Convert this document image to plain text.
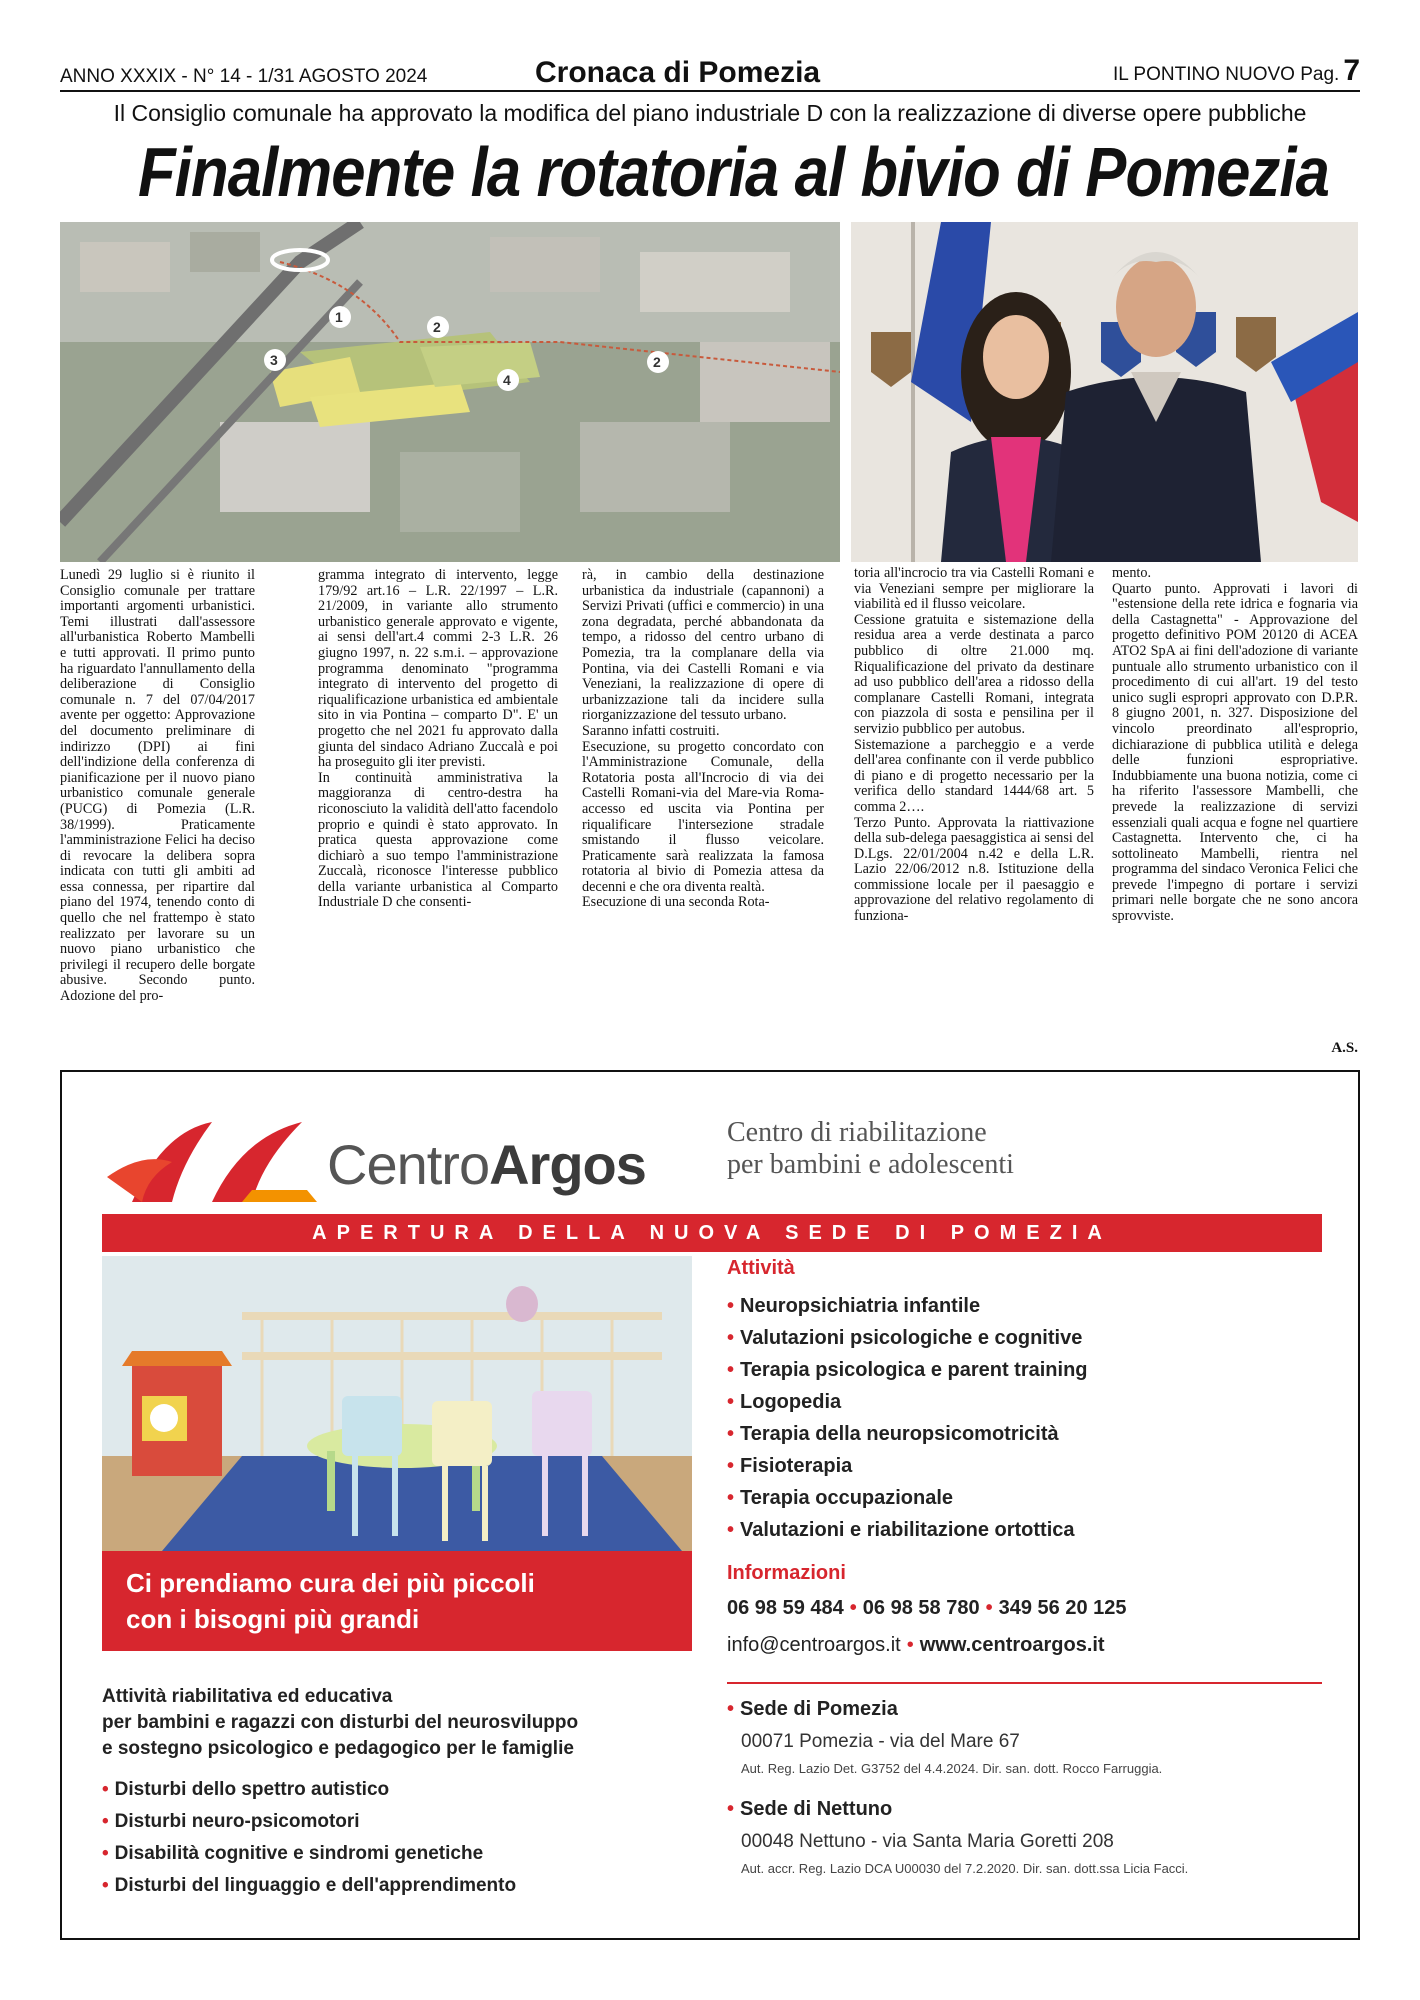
ANNO XXXIX - N° 14 - 1/31 AGOSTO 2024	Cronaca di Pomezia	IL PONTINO NUOVO Pag. 7
Il Consiglio comunale ha approvato la modifica del piano industriale D con la realizzazione di diverse opere pubbliche
Finalmente la rotatoria al bivio di Pomezia
1
2
3
4
2

Lunedì 29 luglio si è riunito il Consiglio comunale per trattare importanti argomenti urbanistici. Temi illustrati dall'assessore all'urbanistica Roberto Mambelli e tutti approvati. Il primo punto ha riguardato l'annullamento della deliberazione di Consiglio comunale n. 7 del 07/04/2017 avente per oggetto: Approvazione del documento preliminare di indirizzo (DPI) ai fini dell'indizione della conferenza di pianificazione per il nuovo piano urbanistico comunale generale (PUCG) di Pomezia (L.R. 38/1999). Praticamente l'amministrazione Felici ha deciso di revocare la delibera sopra indicata con tutti gli ambiti ad essa connessa, per ripartire dal piano del 1974, tenendo conto di quello che nel frattempo è stato realizzato per lavorare su un nuovo piano urbanistico che privilegi il recupero delle borgate abusive. Secondo punto. Adozione del pro-

gramma integrato di intervento, legge 179/92 art.16 – L.R. 22/1997 – L.R. 21/2009, in variante allo strumento urbanistico generale approvato e vigente, ai sensi dell'art.4 commi 2-3 L.R. 26 giugno 1997, n. 22 s.m.i. – approvazione programma denominato "programma integrato di intervento del progetto di riqualificazione urbanistica ed ambientale sito in via Pontina – comparto D". E' un progetto che nel 2021 fu approvato dalla giunta del sindaco Adriano Zuccalà e poi ha proseguito gli iter previsti.

In continuità amministrativa la maggioranza di centro-destra ha riconosciuto la validità dell'atto facendolo proprio e quindi è stato approvato. In pratica questa approvazione come dichiarò a suo tempo l'amministrazione Zuccalà, riconosce l'interesse pubblico della variante urbanistica al Comparto Industriale D che consenti-

rà, in cambio della destinazione urbanistica da industriale (capannoni) a Servizi Privati (uffici e commercio) in una zona degradata, perché abbandonata da tempo, a ridosso del centro urbano di Pomezia, tra la complanare della via Pontina, via dei Castelli Romani e via Veneziani, la realizzazione di opere di urbanizzazione tali da incidere sulla riorganizzazione del tessuto urbano.

Saranno infatti costruiti.

Esecuzione, su progetto concordato con l'Amministrazione Comunale, della Rotatoria posta all'Incrocio di via dei Castelli Romani-via del Mare-via Roma-accesso ed uscita via Pontina per riqualificare l'intersezione stradale smistando il flusso veicolare. Praticamente sarà realizzata la famosa rotatoria al bivio di Pomezia attesa da decenni e che ora diventa realtà.

Esecuzione di una seconda Rota-

toria all'incrocio tra via Castelli Romani e via Veneziani sempre per migliorare la viabilità ed il flusso veicolare.

Cessione gratuita e sistemazione della residua area a verde destinata a parco pubblico di oltre 21.000 mq. Riqualificazione del privato da destinare ad uso pubblico dell'area a ridosso della complanare Castelli Romani, integrata con piazzola di sosta e pensilina per il servizio pubblico per autobus.

Sistemazione a parcheggio e a verde dell'area confinante con il verde pubblico di piano e di progetto necessario per la verifica dello standard 1444/68 art. 5 comma 2….

Terzo Punto. Approvata la riattivazione della sub-delega paesaggistica ai sensi del D.Lgs. 22/01/2004 n.42 e della L.R. Lazio 22/06/2012 n.8. Istituzione della commissione locale per il paesaggio e approvazione del relativo regolamento di funziona-

mento.

Quarto punto. Approvati i lavori di "estensione della rete idrica e fognaria via della Castagnetta" - Approvazione del progetto definitivo POM 20120 di ACEA ATO2 SpA ai fini dell'adozione di variante puntuale allo strumento urbanistico con il procedimento di cui all'art. 19 del testo unico sugli espropri approvato con D.P.R. 8 giugno 2001, n. 327. Disposizione del vincolo preordinato all'esproprio, dichiarazione di pubblica utilità e delega delle funzioni espropriative. Indubbiamente una buona notizia, come ci ha riferito l'assessore Mambelli, che prevede la realizzazione di servizi essenziali quali acqua e fogne nel quartiere Castagnetta. Intervento che, ci ha sottolineato Mambelli, rientra nel programma del sindaco Veronica Felici che prevede l'impegno di portare i servizi primari nelle borgate che ne sono ancora sprovviste.

A.S.
CentroArgos
Centro di riabilitazione
per bambini e adolescenti
APERTURA DELLA NUOVA SEDE DI POMEZIA
Ci prendiamo cura dei più piccoli
con i bisogni più grandi
Attività
• Neuropsichiatria infantile
• Valutazioni psicologiche e cognitive
• Terapia psicologica e parent training
• Logopedia
• Terapia della neuropsicomotricità
• Fisioterapia
• Terapia occupazionale
• Valutazioni e riabilitazione ortottica
Informazioni
06 98 59 484 • 06 98 58 780 • 349 56 20 125
info@centroargos.it • www.centroargos.it
• Sede di Pomezia
00071 Pomezia - via del Mare 67
Aut. Reg. Lazio Det. G3752 del 4.4.2024. Dir. san. dott. Rocco Farruggia.
• Sede di Nettuno
00048 Nettuno - via Santa Maria Goretti 208
Aut. accr. Reg. Lazio DCA U00030 del 7.2.2020. Dir. san. dott.ssa Licia Facci.
Attività riabilitativa ed educativa
per bambini e ragazzi con disturbi del neurosviluppo
e sostegno psicologico e pedagogico per le famiglie
• Disturbi dello spettro autistico
• Disturbi neuro-psicomotori
• Disabilità cognitive e sindromi genetiche
• Disturbi del linguaggio e dell'apprendimento
